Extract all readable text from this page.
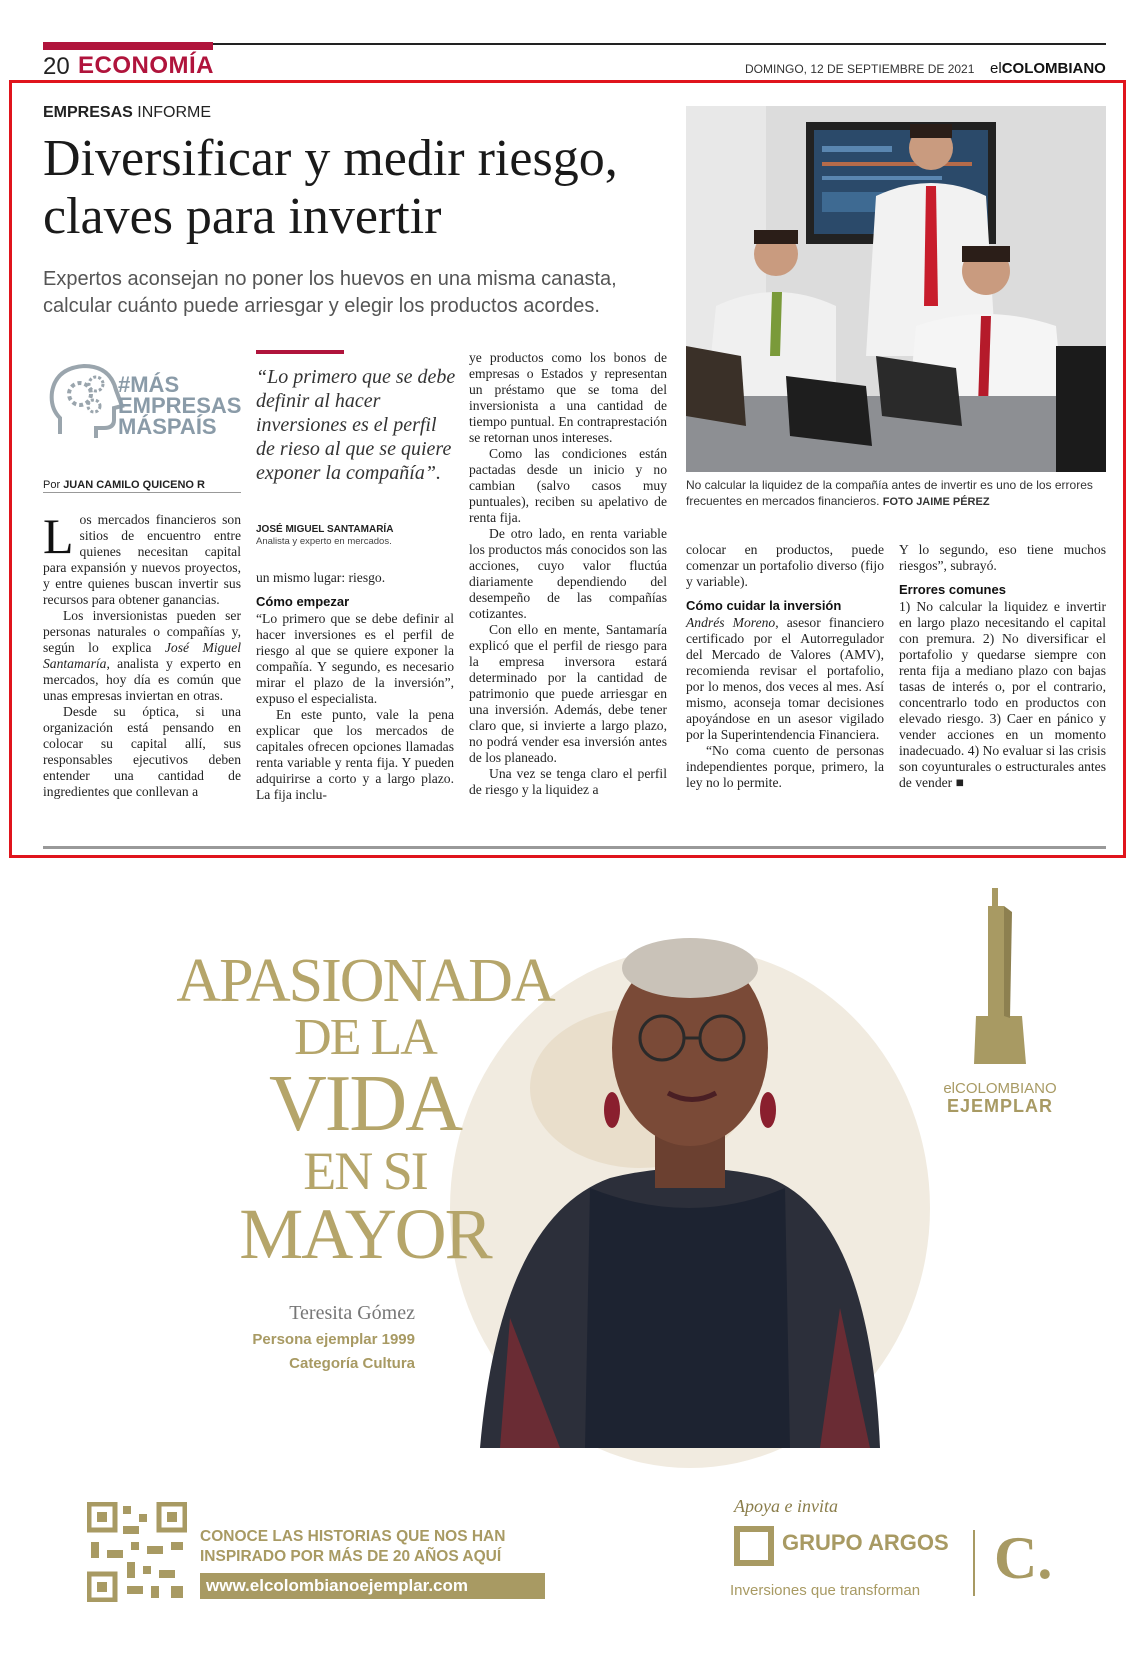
20 ECONOMÍA	DOMINGO, 12 DE SEPTIEMBRE DE 2021 elCOLOMBIANO
EMPRESAS INFORME
Diversificar y medir riesgo, claves para invertir
Expertos aconsejan no poner los huevos en una misma canasta, calcular cuánto puede arriesgar y elegir los productos acordes.
No calcular la liquidez de la compañía antes de invertir es uno de los errores frecuentes en mercados financieros. FOTO JAIME PÉREZ
#MÁS
EMPRESAS
MÁSPAÍS
Por JUAN CAMILO QUICENO R
“Lo primero que se debe definir al hacer inversiones es el perfil de rieso al que se quiere exponer la compañía”.
JOSÉ MIGUEL SANTAMARÍA
Analista y experto en mercados.

Los mercados financieros son sitios de encuentro entre quienes necesitan capital para expansión y nuevos proyectos, y entre quienes buscan invertir sus recursos para obtener ganancias.

Los inversionistas pueden ser personas naturales o compañías y, según lo explica José Miguel Santamaría, analista y experto en mercados, hoy día es común que unas empresas inviertan en otras.

Desde su óptica, si una organización está pensando en colocar su capital allí, sus responsables ejecutivos deben entender una cantidad de ingredientes que conllevan a

un mismo lugar: riesgo.

Cómo empezar

“Lo primero que se debe definir al hacer inversiones es el perfil de riesgo al que se quiere exponer la compañía. Y segundo, es necesario mirar el plazo de la inversión”, expuso el especialista.

En este punto, vale la pena explicar que los mercados de capitales ofrecen opciones llamadas renta variable y renta fija. Y pueden adquirirse a corto y a largo plazo. La fija inclu-

ye productos como los bonos de empresas o Estados y representan un préstamo que se toma del inversionista a una cantidad de tiempo puntual. En contraprestación se retornan unos intereses.

Como las condiciones están pactadas desde un inicio y no cambian (salvo casos muy puntuales), reciben su apelativo de renta fija.

De otro lado, en renta variable los productos más conocidos son las acciones, cuyo valor fluctúa diariamente dependiendo del desempeño de las compañías cotizantes.

Con ello en mente, Santamaría explicó que el perfil de riesgo para la empresa inversora estará determinado por la cantidad de patrimonio que puede arriesgar en una inversión. Además, debe tener claro que, si invierte a largo plazo, no podrá vender esa inversión antes de los planeado.

Una vez se tenga claro el perfil de riesgo y la liquidez a

colocar en productos, puede comenzar un portafolio diverso (fijo y variable).

Cómo cuidar la inversión

Andrés Moreno, asesor financiero certificado por el Autorregulador del Mercado de Valores (AMV), recomienda revisar el portafolio, por lo menos, dos veces al mes. Así mismo, aconseja tomar decisiones apoyándose en un asesor vigilado por la Superintendencia Financiera.

“No coma cuento de personas independientes porque, primero, la ley no lo permite.

Y lo segundo, eso tiene muchos riesgos”, subrayó.

Errores comunes

1) No calcular la liquidez e invertir en largo plazo necesitando el capital con premura. 2) No diversificar el portafolio y quedarse siempre con renta fija a mediano plazo con bajas tasas de interés o, por el contrario, concentrarlo todo en productos con elevado riesgo. 3) Caer en pánico y vender acciones en un momento inadecuado. 4) No evaluar si las crisis son coyunturales o estructurales antes de vender ■

APASIONADA
DE LA
VIDA
EN SI
MAYOR
Teresita Gómez
Persona ejemplar 1999
Categoría Cultura
elCOLOMBIANO
EJEMPLAR
CONOCE LAS HISTORIAS QUE NOS HAN
INSPIRADO POR MÁS DE 20 AÑOS AQUÍ
www.elcolombianoejemplar.com
Apoya e invita
GRUPO ARGOS
Inversiones que transforman C.
